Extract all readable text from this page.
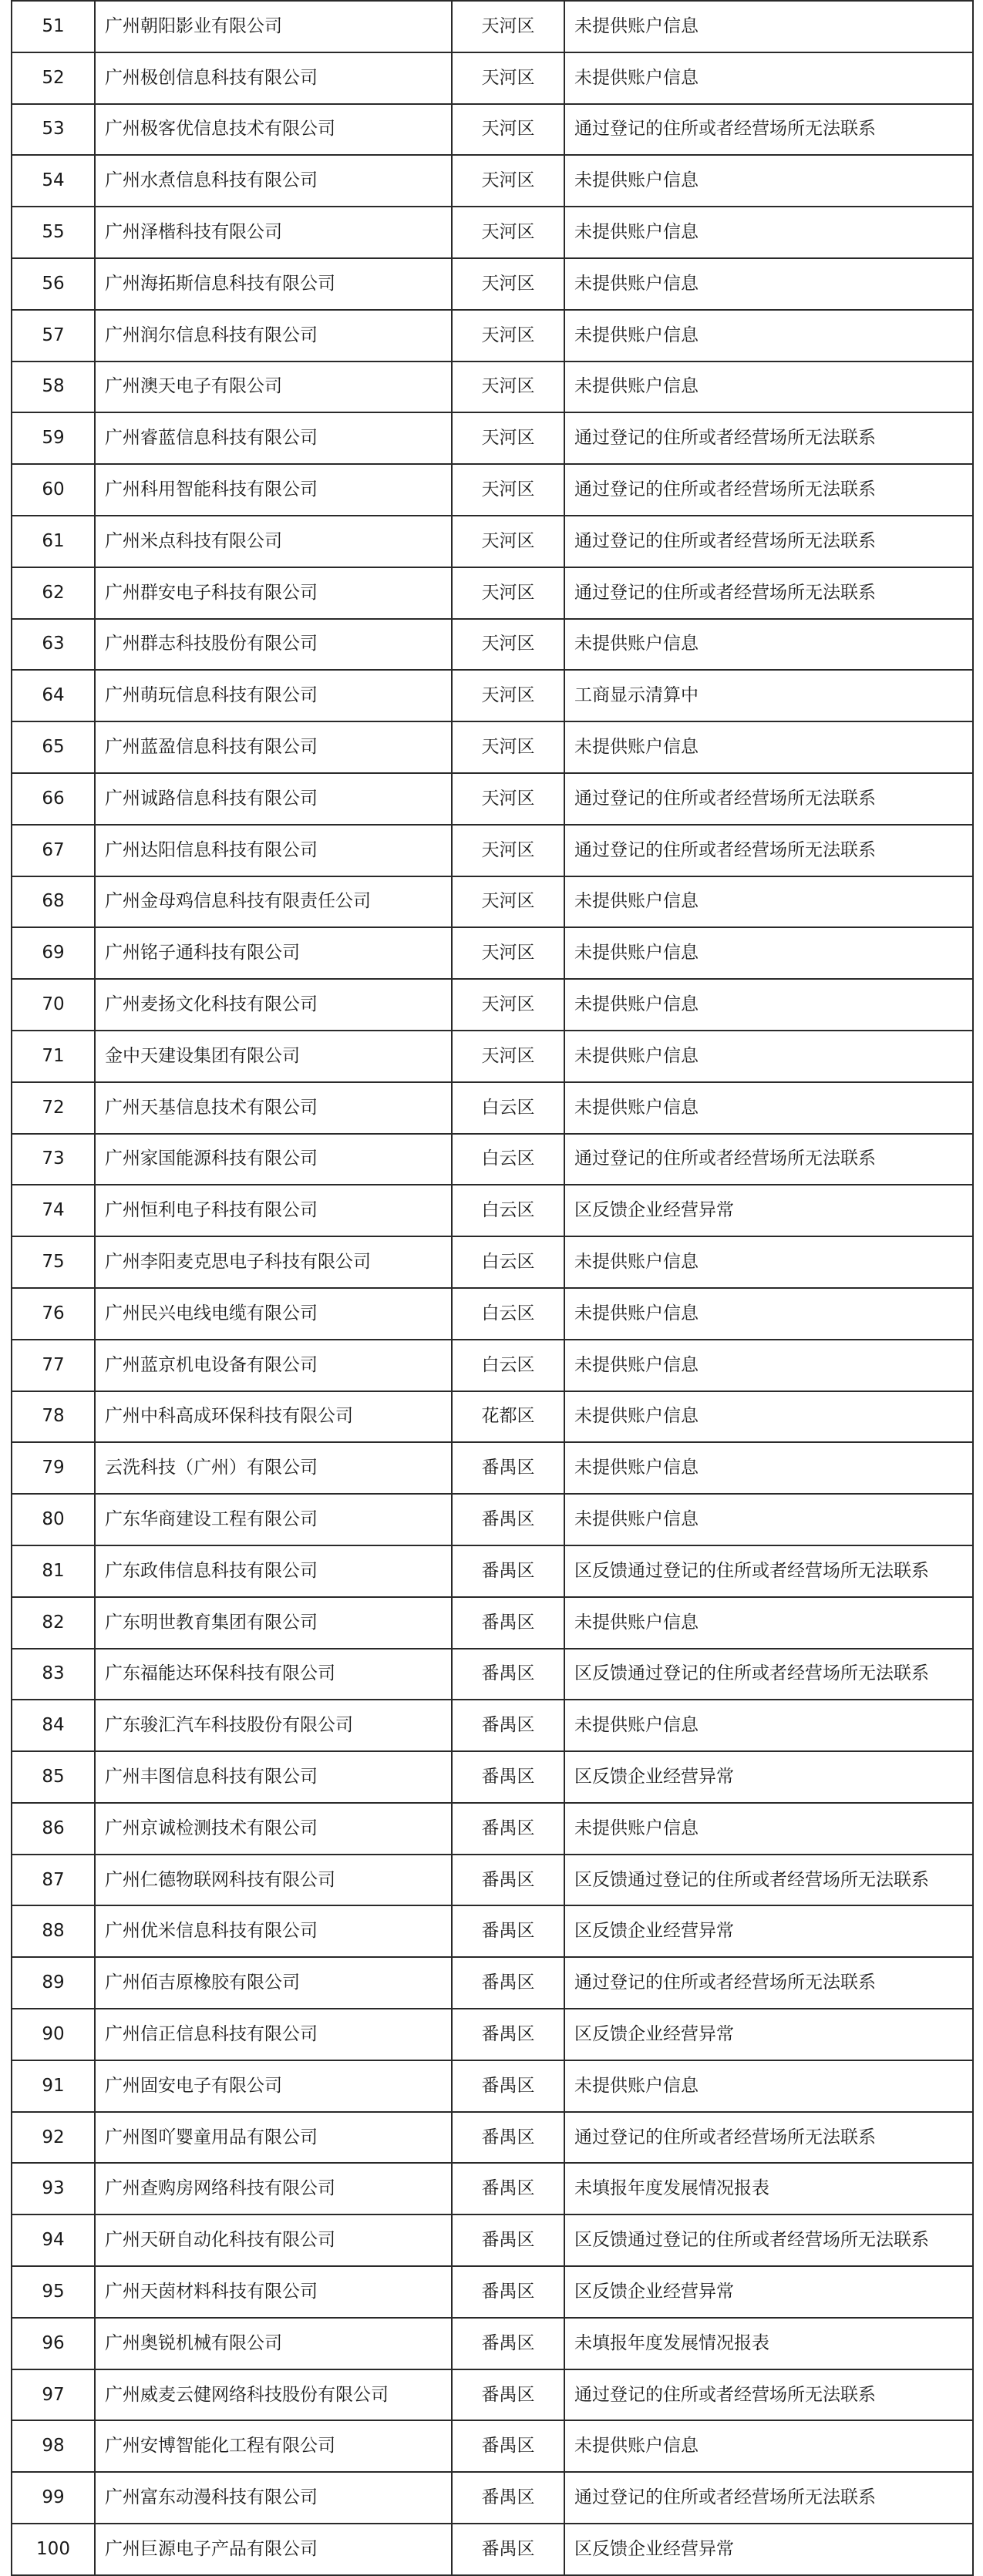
51	广州朝阳影业有限公司	天河区	未提供账户信息
52	广州极创信息科技有限公司	天河区	未提供账户信息
53	广州极客优信息技术有限公司	天河区	通过登记的住所或者经营场所无法联系
54	广州水煮信息科技有限公司	天河区	未提供账户信息
55	广州泽楷科技有限公司	天河区	未提供账户信息
56	广州海拓斯信息科技有限公司	天河区	未提供账户信息
57	广州润尔信息科技有限公司	天河区	未提供账户信息
58	广州澳天电子有限公司	天河区	未提供账户信息
59	广州睿蓝信息科技有限公司	天河区	通过登记的住所或者经营场所无法联系
60	广州科用智能科技有限公司	天河区	通过登记的住所或者经营场所无法联系
61	广州米点科技有限公司	天河区	通过登记的住所或者经营场所无法联系
62	广州群安电子科技有限公司	天河区	通过登记的住所或者经营场所无法联系
63	广州群志科技股份有限公司	天河区	未提供账户信息
64	广州萌玩信息科技有限公司	天河区	工商显示清算中
65	广州蓝盈信息科技有限公司	天河区	未提供账户信息
66	广州诚路信息科技有限公司	天河区	通过登记的住所或者经营场所无法联系
67	广州达阳信息科技有限公司	天河区	通过登记的住所或者经营场所无法联系
68	广州金母鸡信息科技有限责任公司	天河区	未提供账户信息
69	广州铭子通科技有限公司	天河区	未提供账户信息
70	广州麦扬文化科技有限公司	天河区	未提供账户信息
71	金中天建设集团有限公司	天河区	未提供账户信息
72	广州天基信息技术有限公司	白云区	未提供账户信息
73	广州家国能源科技有限公司	白云区	通过登记的住所或者经营场所无法联系
74	广州恒利电子科技有限公司	白云区	区反馈企业经营异常
75	广州李阳麦克思电子科技有限公司	白云区	未提供账户信息
76	广州民兴电线电缆有限公司	白云区	未提供账户信息
77	广州蓝京机电设备有限公司	白云区	未提供账户信息
78	广州中科高成环保科技有限公司	花都区	未提供账户信息
79	云洗科技（广州）有限公司	番禺区	未提供账户信息
80	广东华商建设工程有限公司	番禺区	未提供账户信息
81	广东政伟信息科技有限公司	番禺区	区反馈通过登记的住所或者经营场所无法联系
82	广东明世教育集团有限公司	番禺区	未提供账户信息
83	广东福能达环保科技有限公司	番禺区	区反馈通过登记的住所或者经营场所无法联系
84	广东骏汇汽车科技股份有限公司	番禺区	未提供账户信息
85	广州丰图信息科技有限公司	番禺区	区反馈企业经营异常
86	广州京诚检测技术有限公司	番禺区	未提供账户信息
87	广州仁德物联网科技有限公司	番禺区	区反馈通过登记的住所或者经营场所无法联系
88	广州优米信息科技有限公司	番禺区	区反馈企业经营异常
89	广州佰吉原橡胶有限公司	番禺区	通过登记的住所或者经营场所无法联系
90	广州信正信息科技有限公司	番禺区	区反馈企业经营异常
91	广州固安电子有限公司	番禺区	未提供账户信息
92	广州图吖婴童用品有限公司	番禺区	通过登记的住所或者经营场所无法联系
93	广州查购房网络科技有限公司	番禺区	未填报年度发展情况报表
94	广州天研自动化科技有限公司	番禺区	区反馈通过登记的住所或者经营场所无法联系
95	广州天茵材料科技有限公司	番禺区	区反馈企业经营异常
96	广州奥锐机械有限公司	番禺区	未填报年度发展情况报表
97	广州威麦云健网络科技股份有限公司	番禺区	通过登记的住所或者经营场所无法联系
98	广州安博智能化工程有限公司	番禺区	未提供账户信息
99	广州富东动漫科技有限公司	番禺区	通过登记的住所或者经营场所无法联系
100	广州巨源电子产品有限公司	番禺区	区反馈企业经营异常
